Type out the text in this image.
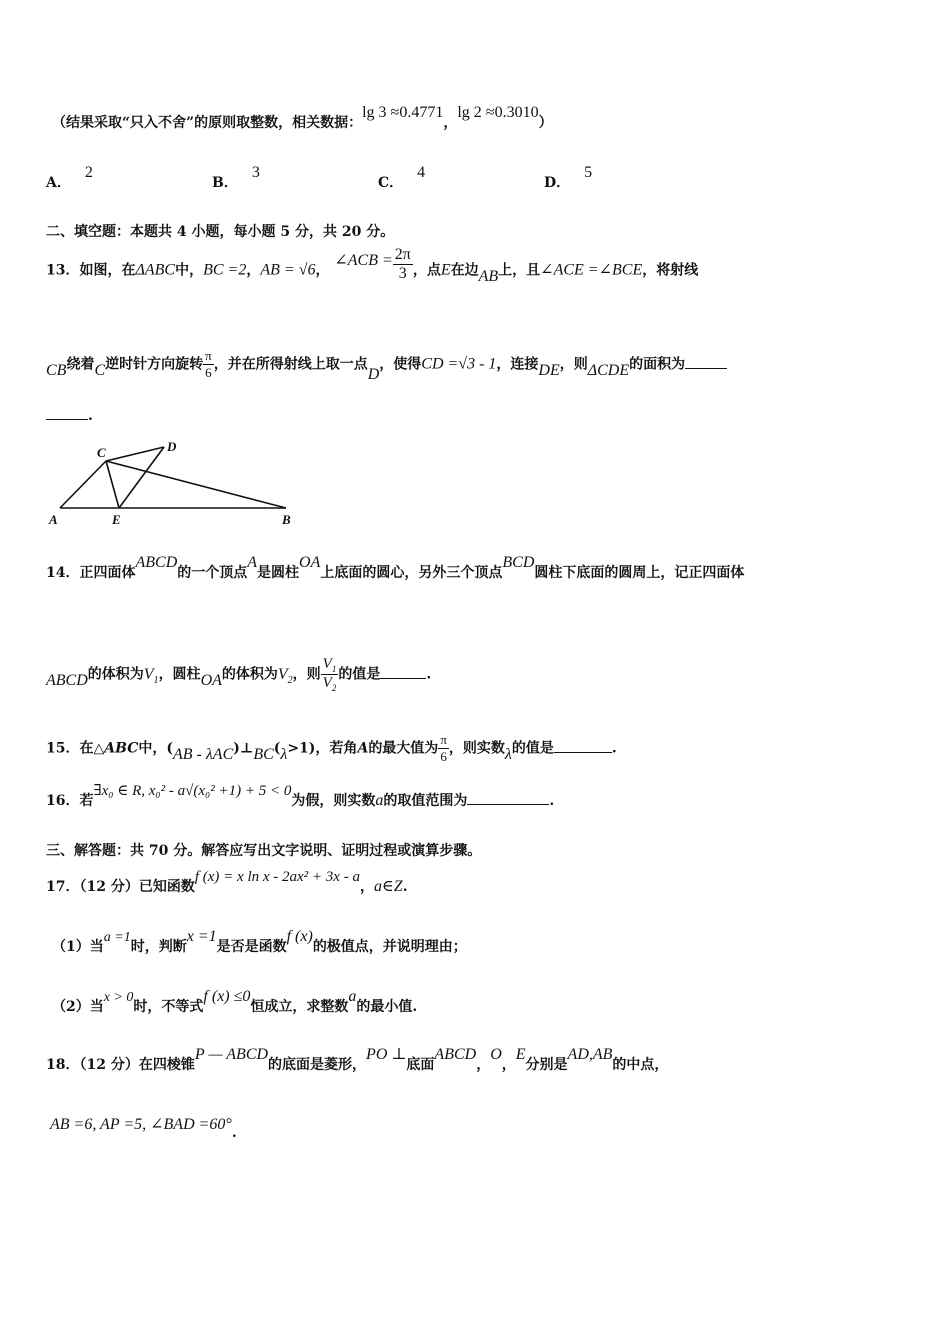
（结果采取“只入不舍”的原则取整数，相关数据：lg 3 ≈0.4771，lg 2 ≈0.3010）
A．2
B．3
C．4
D．5
二、填空题：本题共 4 小题，每小题 5 分，共 20 分。
13．如图，在ΔABC中，BC =2，AB = √6， ∠ACB = $\frac{2\pi}{3}$ ，点E在边AB上，且∠ACE =∠BCE，将射线
CB绕着C逆时针方向旋转 $\frac{\pi}{6}$ ，并在所得射线上取一点D，使得CD =√3 - 1，连接DE，则ΔCDE的面积为
.
A	E	B
C	D
14．正四面体ABCD的一个顶点A是圆柱OA上底面的圆心，另外三个顶点BCD圆柱下底面的圆周上，记正四面体
ABCD的体积为$V_1$，圆柱OA的体积为$V_2$，则 $\frac{V_1}{V_2}$ 的值是	.
15．在△ABC中，(AB - λAC)⊥BC(λ>1)，若角A的最大值为 $\frac{\pi}{6}$ ，则实数λ的值是	.
16．若∃x₀ ∈ R, x₀² - a√(x₀² +1) + 5 < 0为假，则实数a的取值范围为	.
三、解答题：共 70 分。解答应写出文字说明、证明过程或演算步骤。
17．（12 分）已知函数f (x) = x ln x - 2ax² + 3x - a，a∈Z.
（1）当a =1时，判断x =1是否是函数f (x)的极值点，并说明理由；
（2）当x > 0时，不等式f (x) ≤0恒成立，求整数a的最小值.
18．（12 分）在四棱锥P — ABCD的底面是菱形，PO ⊥底面ABCD，O，E分别是AD,AB的中点，
AB =6, AP =5, ∠BAD =60°.
